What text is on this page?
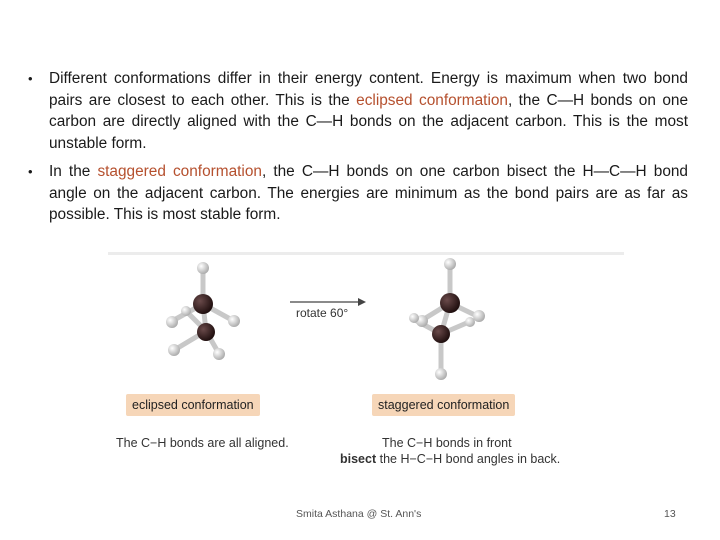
• Different conformations differ in their energy content. Energy is maximum when two bond pairs are closest to each other. This is the eclipsed conformation, the C—H bonds on one carbon are directly aligned with the C—H bonds on the adjacent carbon. This is the most unstable form.
• In the staggered conformation, the C—H bonds on one carbon bisect the H—C—H bond angle on the adjacent carbon. The energies are minimum as the bond pairs are as far as possible. This is most stable form.
rotate 60°
eclipsed conformation	staggered conformation
The C−H bonds are all aligned.	The C−H bonds in front
bisect the H−C−H bond angles in back.
Smita Asthana @ St. Ann's	13
